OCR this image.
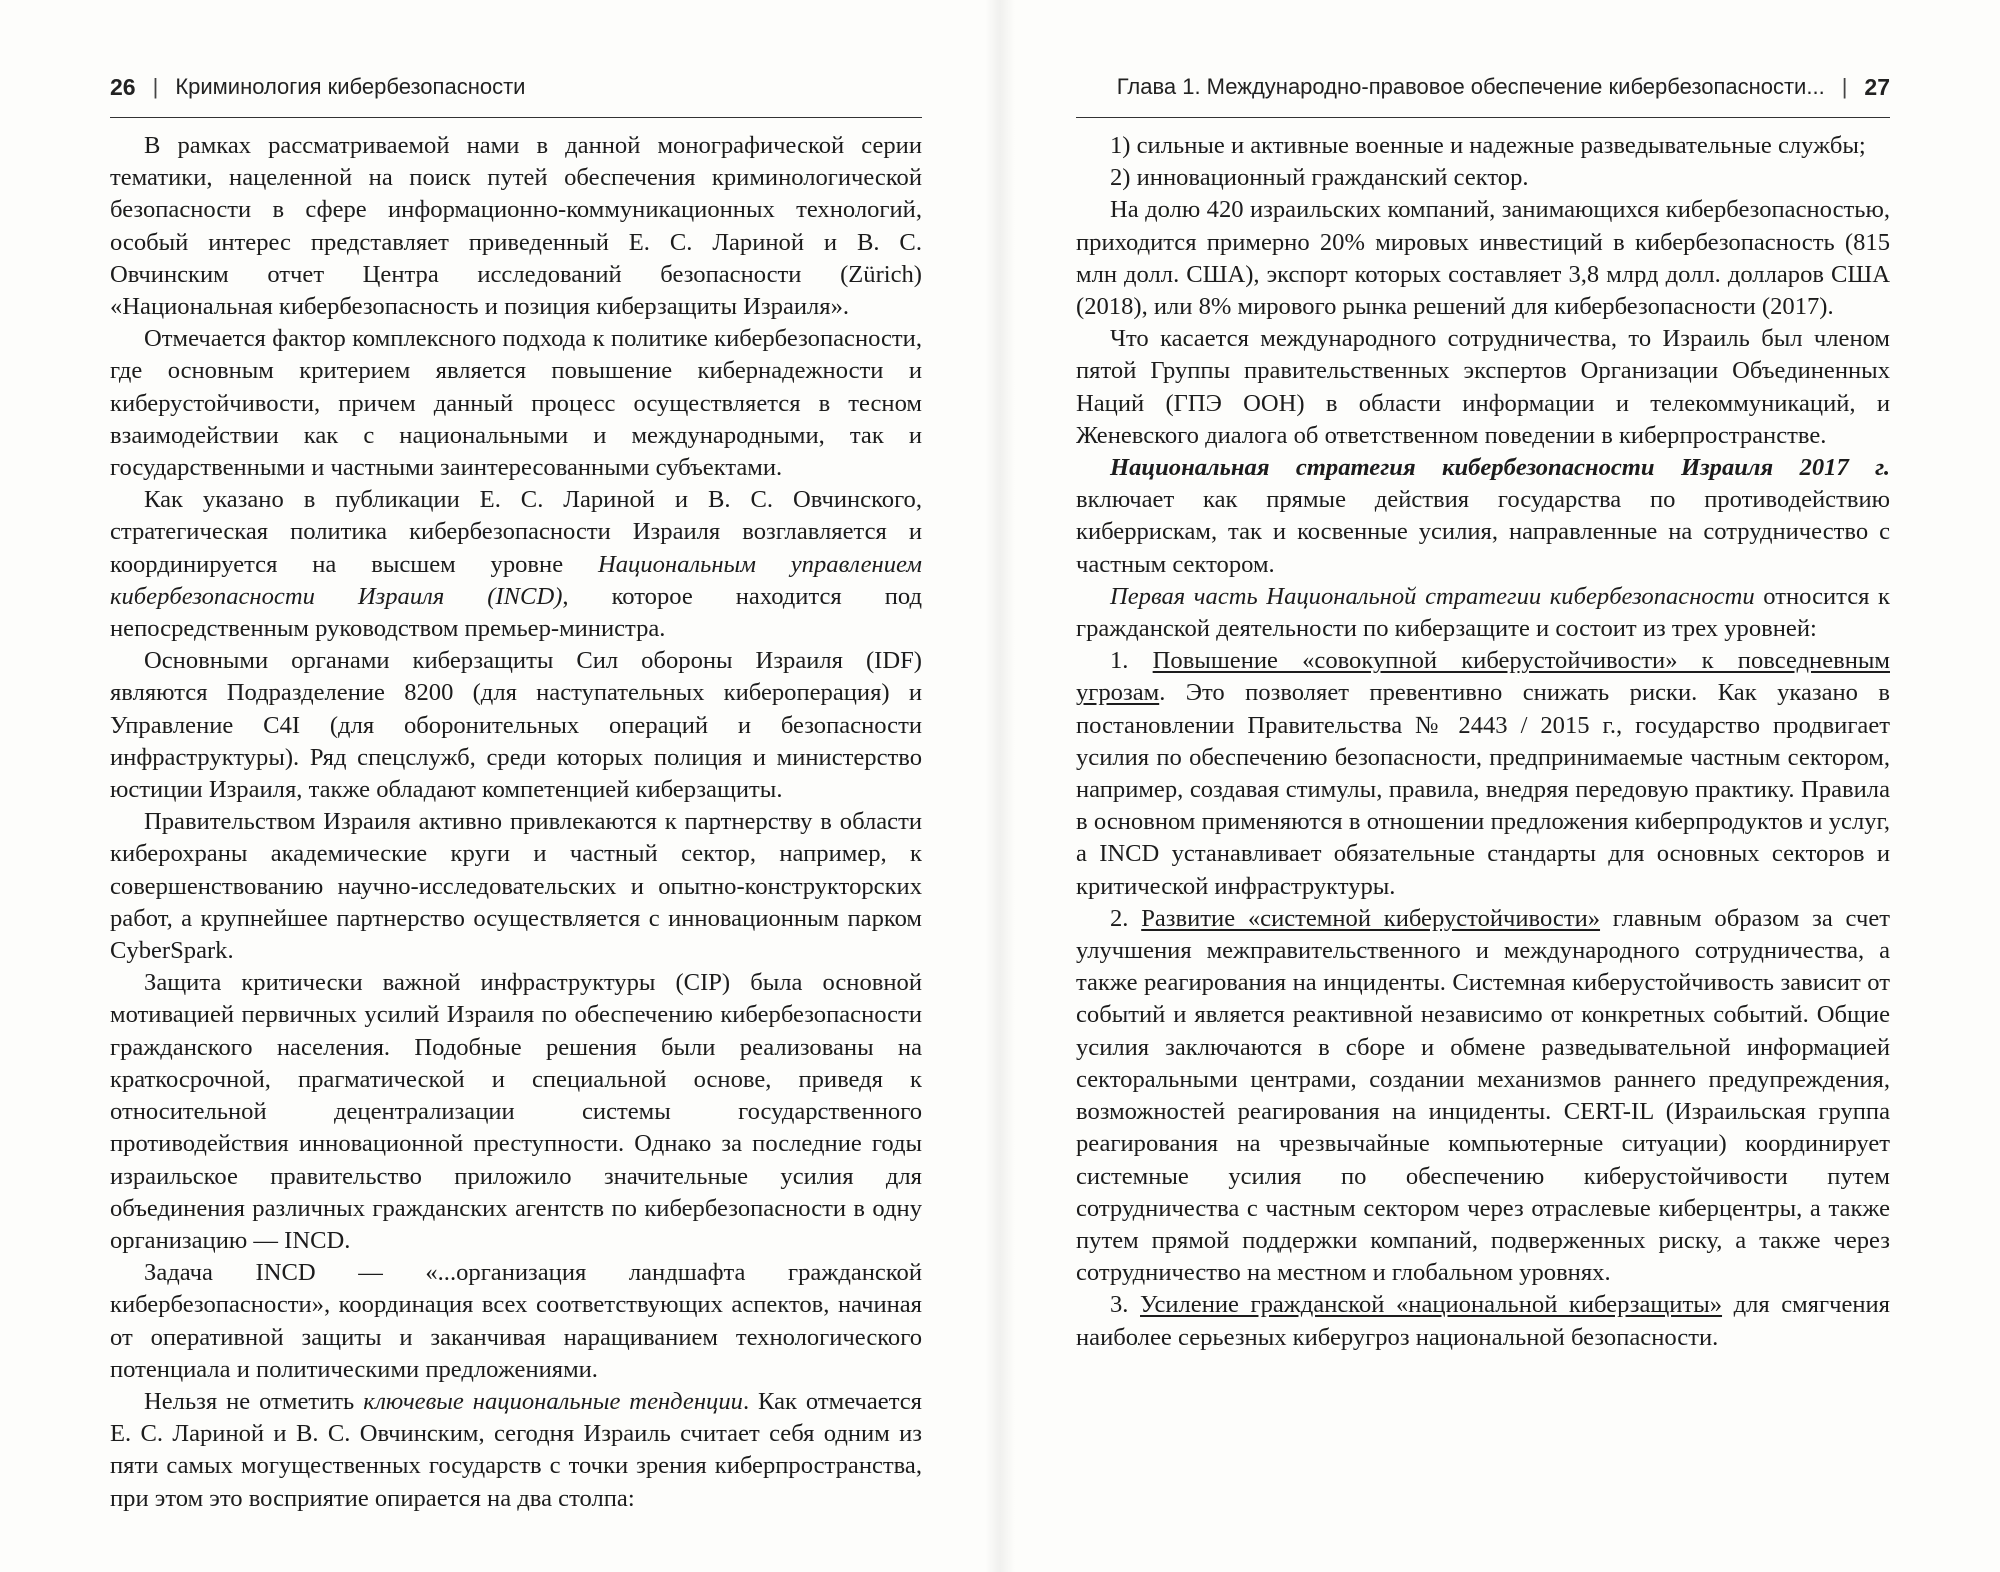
26 | Криминология кибербезопасности

В рамках рассматриваемой нами в данной монографической серии тематики, нацеленной на поиск путей обеспечения криминологической безопасности в сфере информационно-коммуникационных технологий, особый интерес представляет приведенный Е. С. Лариной и В. С. Овчинским отчет Центра исследований безопасности (Zürich) «Национальная кибербезопасность и позиция киберзащиты Израиля».

Отмечается фактор комплексного подхода к политике кибербезопасности, где основным критерием является повышение кибернадежности и киберустойчивости, причем данный процесс осуществляется в тесном взаимодействии как с национальными и международными, так и государственными и частными заинтересованными субъектами.

Как указано в публикации Е. С. Лариной и В. С. Овчинского, стратегическая политика кибербезопасности Израиля возглавляется и координируется на высшем уровне Национальным управлением кибербезопасности Израиля (INCD), которое находится под непосредственным руководством премьер-министра.

Основными органами киберзащиты Сил обороны Израиля (IDF) являются Подразделение 8200 (для наступательных кибероперация) и Управление C4I (для оборонительных операций и безопасности инфраструктуры). Ряд спецслужб, среди которых полиция и министерство юстиции Израиля, также обладают компетенцией киберзащиты.

Правительством Израиля активно привлекаются к партнерству в области киберохраны академические круги и частный сектор, например, к совершенствованию научно-исследовательских и опытно-конструкторских работ, а крупнейшее партнерство осуществляется с инновационным парком CyberSpark.

Защита критически важной инфраструктуры (CIP) была основной мотивацией первичных усилий Израиля по обеспечению кибербезопасности гражданского населения. Подобные решения были реализованы на краткосрочной, прагматической и специальной основе, приведя к относительной децентрализации системы государственного противодействия инновационной преступности. Однако за последние годы израильское правительство приложило значительные усилия для объединения различных гражданских агентств по кибербезопасности в одну организацию — INCD.

Задача INCD — «...организация ландшафта гражданской кибербезопасности», координация всех соответствующих аспектов, начиная от оперативной защиты и заканчивая наращиванием технологического потенциала и политическими предложениями.

Нельзя не отметить ключевые национальные тенденции. Как отмечается Е. С. Лариной и В. С. Овчинским, сегодня Израиль считает себя одним из пяти самых могущественных государств с точки зрения киберпространства, при этом это восприятие опирается на два столпа:

Глава 1. Международно-правовое обеспечение кибербезопасности... | 27

1) сильные и активные военные и надежные разведывательные службы;

2) инновационный гражданский сектор.

На долю 420 израильских компаний, занимающихся кибербезопасностью, приходится примерно 20% мировых инвестиций в кибербезопасность (815 млн долл. США), экспорт которых составляет 3,8 млрд долл. долларов США (2018), или 8% мирового рынка решений для кибербезопасности (2017).

Что касается международного сотрудничества, то Израиль был членом пятой Группы правительственных экспертов Организации Объединенных Наций (ГПЭ ООН) в области информации и телекоммуникаций, и Женевского диалога об ответственном поведении в киберпространстве.

Национальная стратегия кибербезопасности Израиля 2017 г. включает как прямые действия государства по противодействию киберрискам, так и косвенные усилия, направленные на сотрудничество с частным сектором.

Первая часть Национальной стратегии кибербезопасности относится к гражданской деятельности по киберзащите и состоит из трех уровней:

1. Повышение «совокупной киберустойчивости» к повседневным угрозам. Это позволяет превентивно снижать риски. Как указано в постановлении Правительства № 2443 / 2015 г., государство продвигает усилия по обеспечению безопасности, предпринимаемые частным сектором, например, создавая стимулы, правила, внедряя передовую практику. Правила в основном применяются в отношении предложения киберпродуктов и услуг, а INCD устанавливает обязательные стандарты для основных секторов и критической инфраструктуры.

2. Развитие «системной киберустойчивости» главным образом за счет улучшения межправительственного и международного сотрудничества, а также реагирования на инциденты. Системная киберустойчивость зависит от событий и является реактивной независимо от конкретных событий. Общие усилия заключаются в сборе и обмене разведывательной информацией секторальными центрами, создании механизмов раннего предупреждения, возможностей реагирования на инциденты. CERT-IL (Израильская группа реагирования на чрезвычайные компьютерные ситуации) координирует системные усилия по обеспечению киберустойчивости путем сотрудничества с частным сектором через отраслевые киберцентры, а также путем прямой поддержки компаний, подверженных риску, а также через сотрудничество на местном и глобальном уровнях.

3. Усиление гражданской «национальной киберзащиты» для смягчения наиболее серьезных киберугроз национальной безопасности.
